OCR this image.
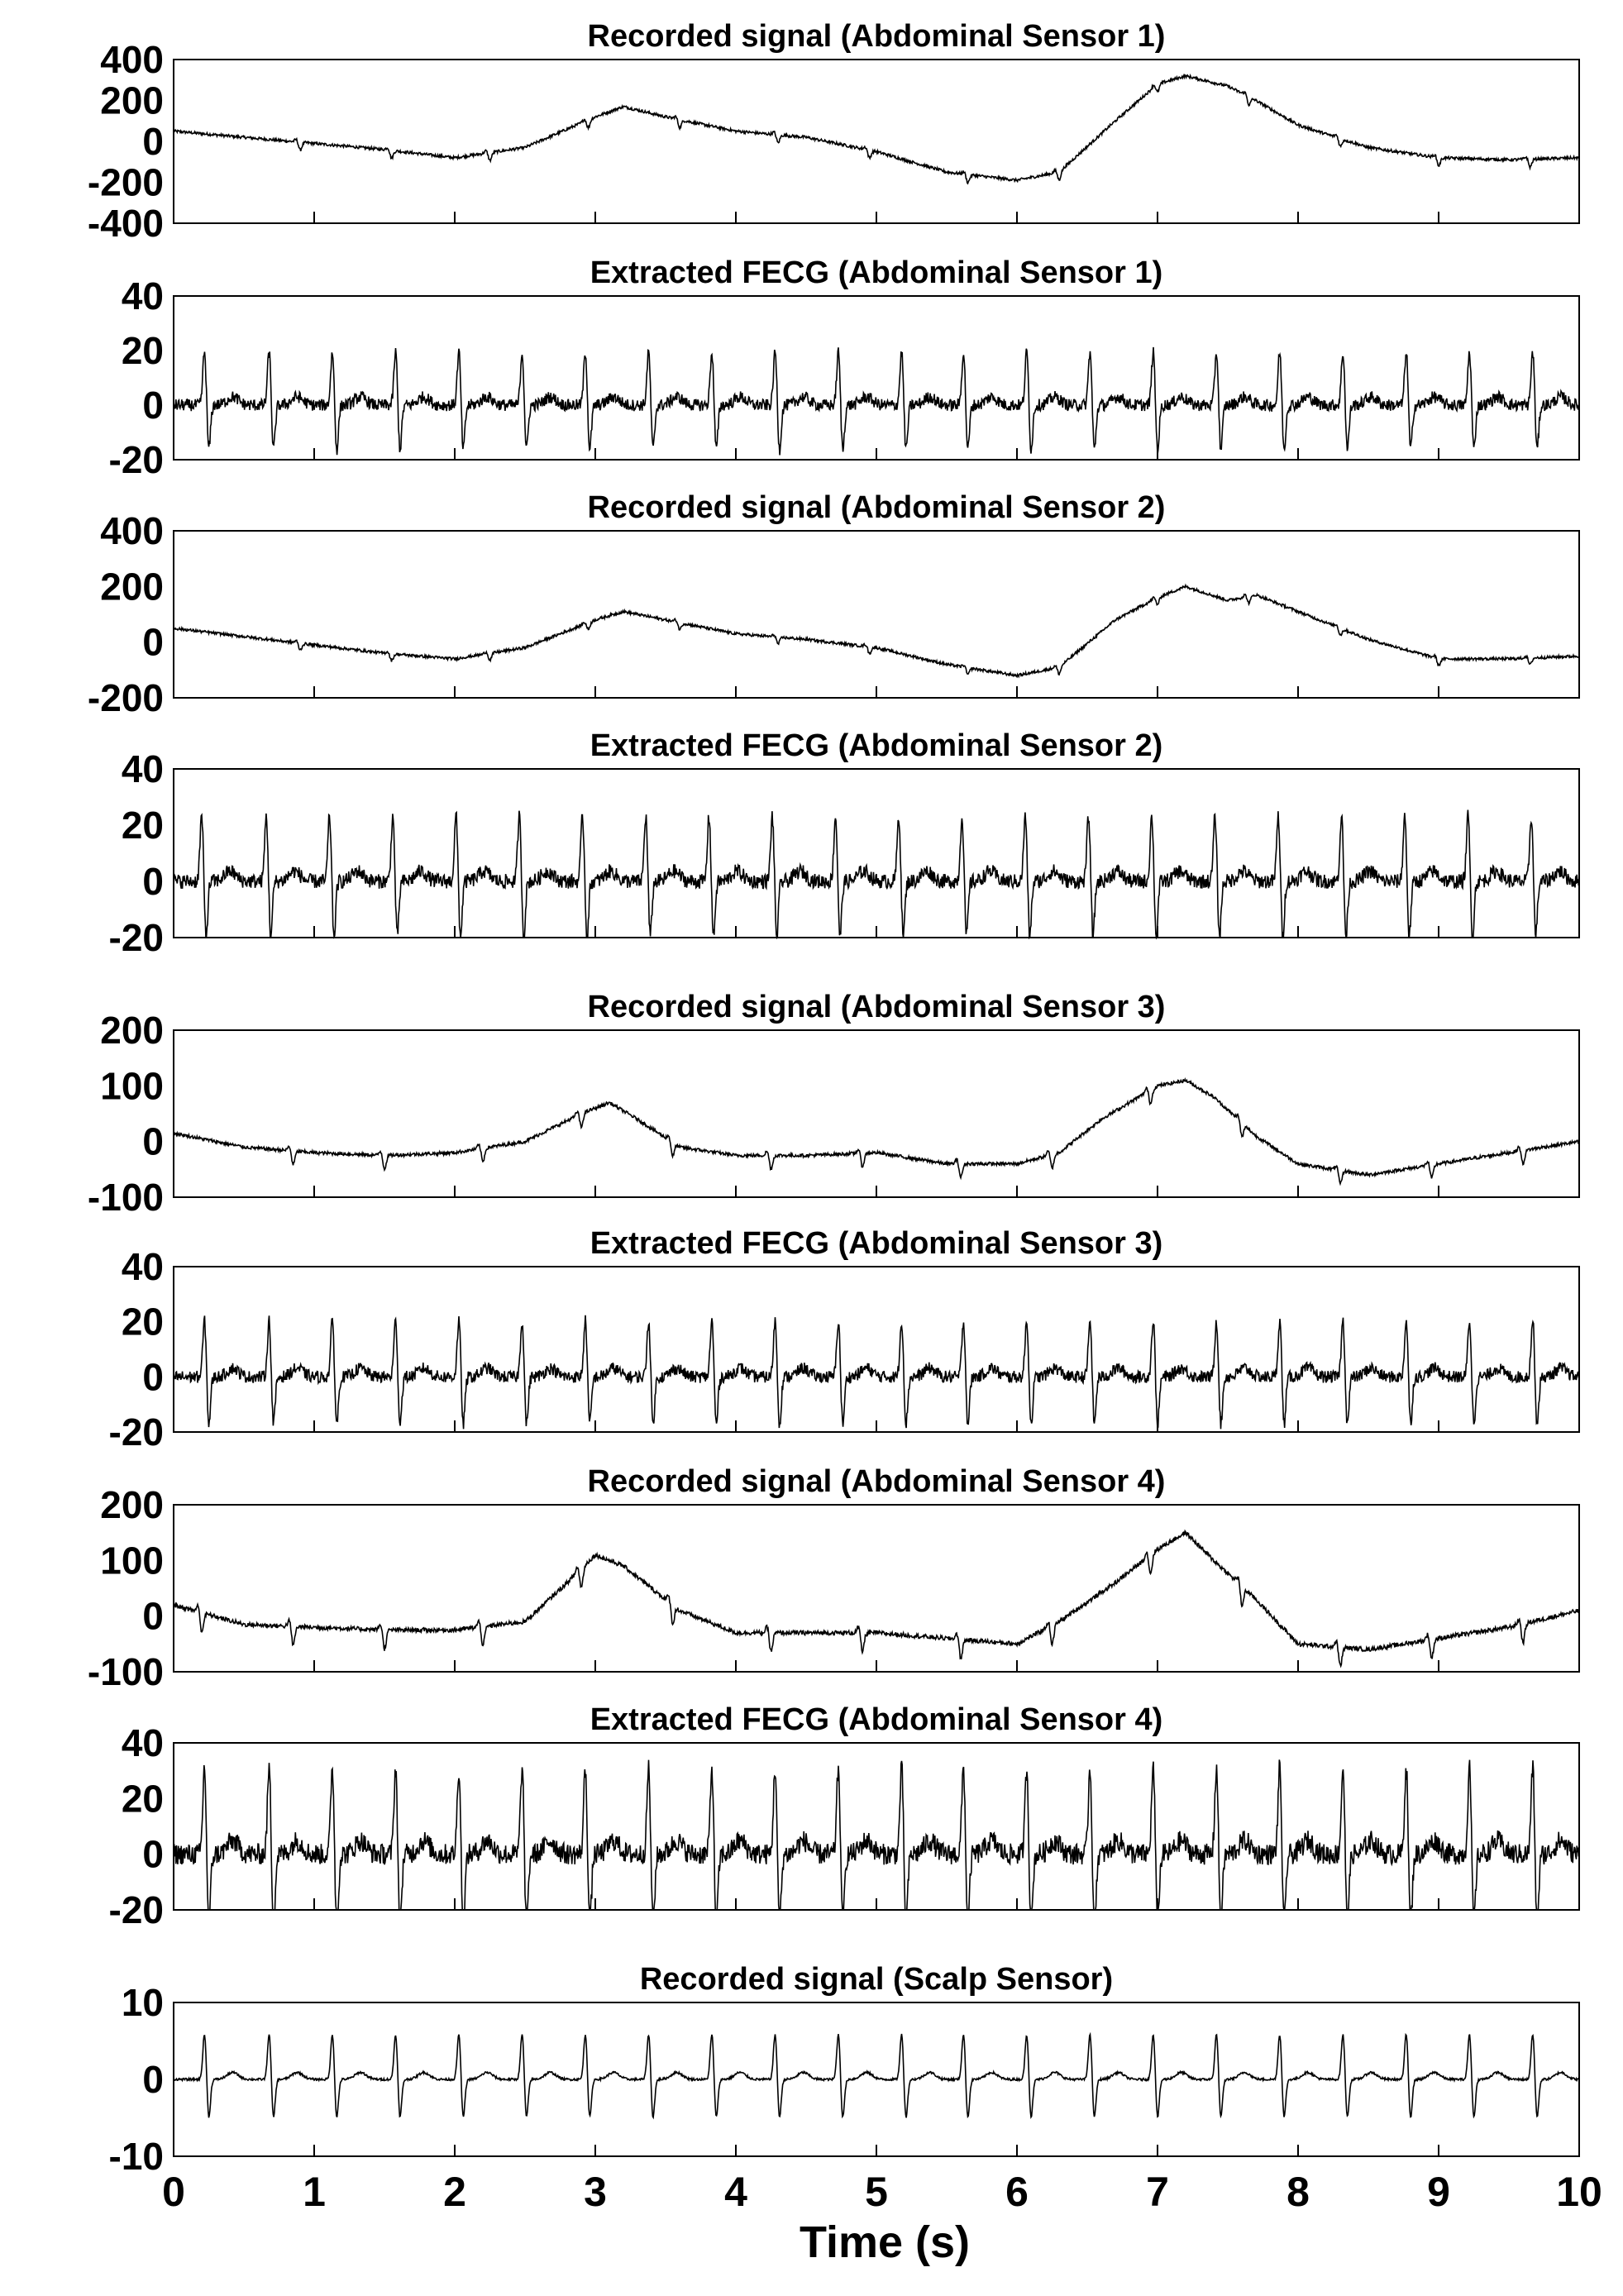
Recorded signal (Abdominal Sensor 1)
400
200
0
-200
-400
Extracted FECG (Abdominal Sensor 1)
40
20
0
-20
Recorded signal (Abdominal Sensor 2)
400
200
0
-200
Extracted FECG (Abdominal Sensor 2)
40
20
0
-20
Recorded signal (Abdominal Sensor 3)
200
100
0
-100
Extracted FECG (Abdominal Sensor 3)
40
20
0
-20
Recorded signal (Abdominal Sensor 4)
200
100
0
-100
Extracted FECG (Abdominal Sensor 4)
40
20
0
-20
Recorded signal (Scalp Sensor)
10
0
-10
0	1	2	3	4	5	6	7	8	9	10
Time (s)
